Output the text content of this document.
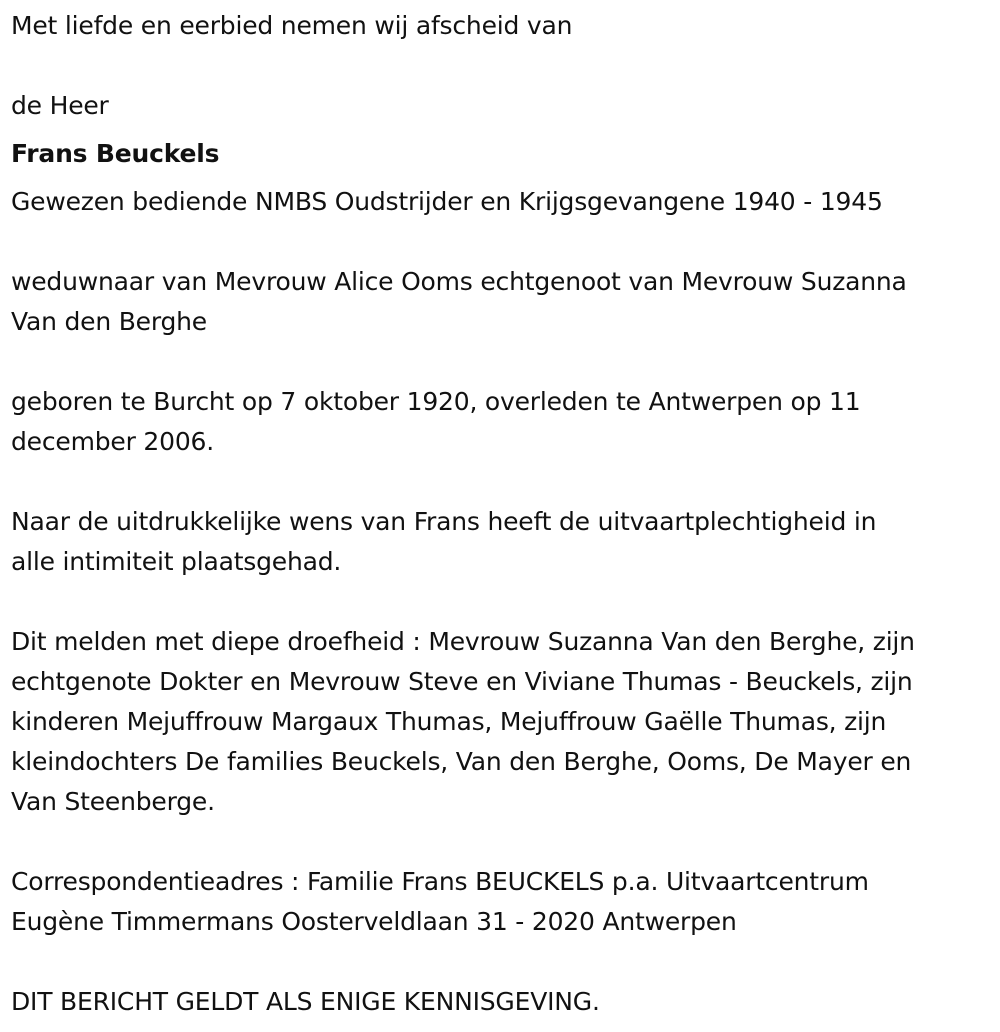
Met liefde en eerbied nemen wij afscheid van

de Heer

Frans Beuckels

Gewezen bediende NMBS Oudstrijder en Krijgsgevangene 1940 - 1945

weduwnaar van Mevrouw Alice Ooms echtgenoot van Mevrouw Suzanna

Van den Berghe

geboren te Burcht op 7 oktober 1920, overleden te Antwerpen op 11

december 2006.

Naar de uitdrukkelijke wens van Frans heeft de uitvaartplechtigheid in

alle intimiteit plaatsgehad.

Dit melden met diepe droefheid : Mevrouw Suzanna Van den Berghe, zijn

echtgenote Dokter en Mevrouw Steve en Viviane Thumas - Beuckels, zijn

kinderen Mejuffrouw Margaux Thumas, Mejuffrouw Gaëlle Thumas, zijn

kleindochters De families Beuckels, Van den Berghe, Ooms, De Mayer en

Van Steenberge.

Correspondentieadres : Familie Frans BEUCKELS p.a. Uitvaartcentrum

Eugène Timmermans Oosterveldlaan 31 - 2020 Antwerpen

DIT BERICHT GELDT ALS ENIGE KENNISGEVING.
